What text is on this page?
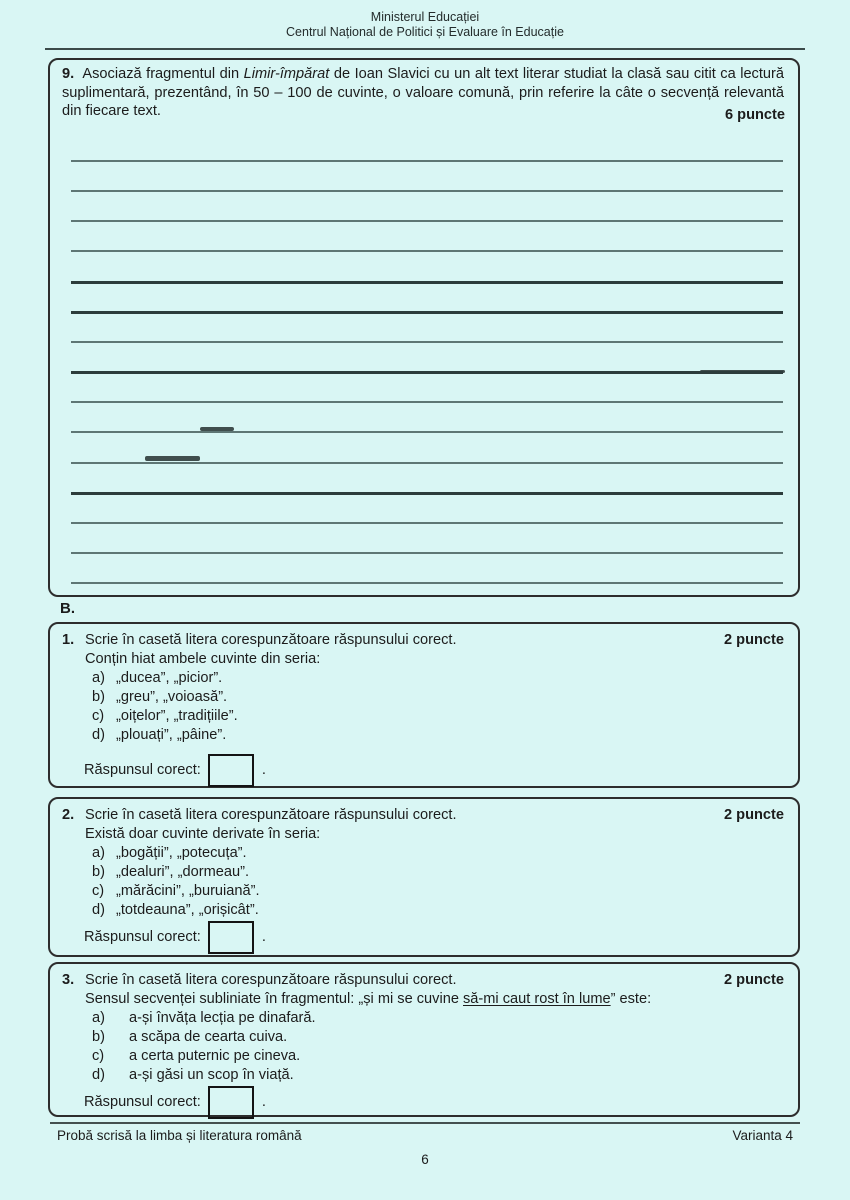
Ministerul Educației
Centrul Național de Politici și Evaluare în Educație
9. Asociază fragmentul din Limir-împărat de Ioan Slavici cu un alt text literar studiat la clasă sau citit ca lectură suplimentară, prezentând, în 50 – 100 de cuvinte, o valoare comună, prin referire la câte o secvență relevantă din fiecare text.	6 puncte
B.
1. Scrie în casetă litera corespunzătoare răspunsului corect.	2 puncte
Conțin hiat ambele cuvinte din seria:
a) „ducea”, „picior”.
b) „greu”, „voioasă”.
c) „oițelor”, „tradițiile”.
d) „plouați”, „pâine”.
Răspunsul corect:	.
2. Scrie în casetă litera corespunzătoare răspunsului corect.	2 puncte
Există doar cuvinte derivate în seria:
a) „bogății”, „potecuța”.
b) „dealuri”, „dormeau”.
c) „mărăcini”, „buruiană”.
d) „totdeauna”, „orișicât”.
Răspunsul corect:	.
3. Scrie în casetă litera corespunzătoare răspunsului corect.	2 puncte
Sensul secvenței subliniate în fragmentul: „și mi se cuvine să-mi caut rost în lume” este:
a)	a-și învăța lecția pe dinafară.
b)	a scăpa de cearta cuiva.
c)	a certa puternic pe cineva.
d)	a-și găsi un scop în viață.
Răspunsul corect:	.
Probă scrisă la limba și literatura română	Varianta 4
6
